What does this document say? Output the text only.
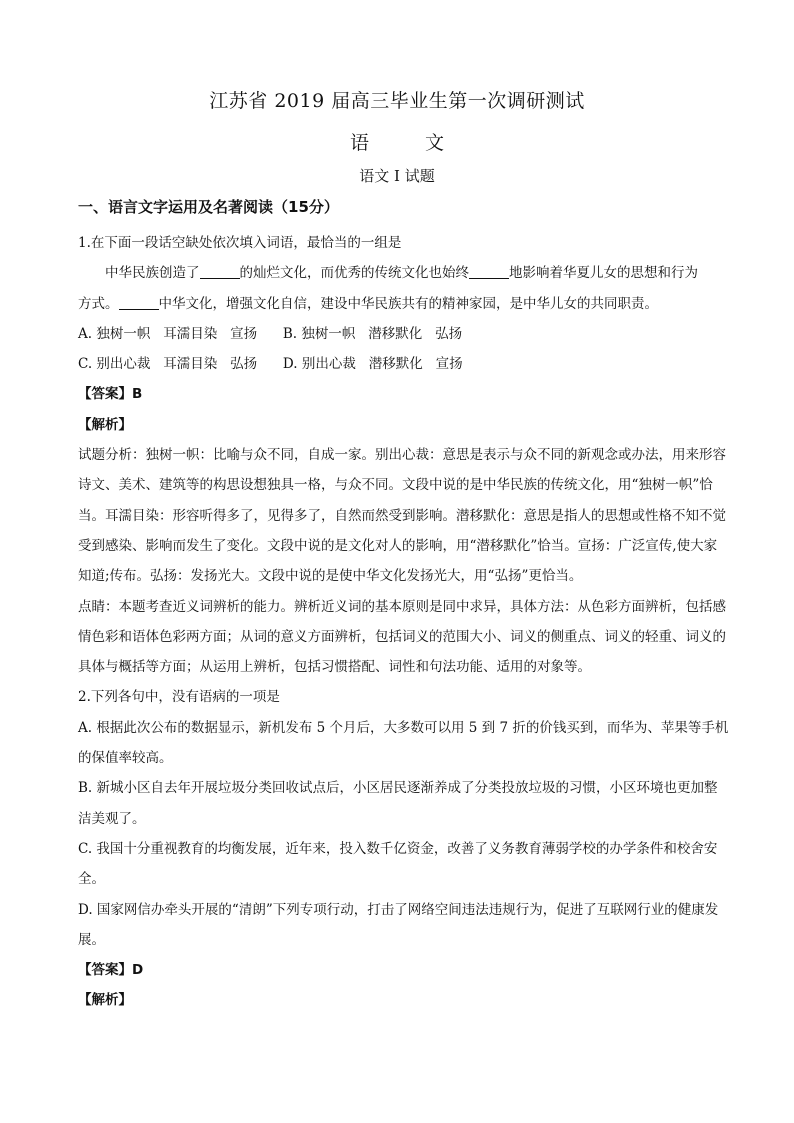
江苏省 2019 届高三毕业生第一次调研测试
语文
语文 I 试题
一、语言文字运用及名著阅读（15分）

1.在下面一段话空缺处依次填入词语，最恰当的一组是

中华民族创造了	的灿烂文化，而优秀的传统文化也始终	地影响着华夏儿女的思想和行为

方式。	中华文化，增强文化自信，建设中华民族共有的精神家园，是中华儿女的共同职责。

A. 独树一帜   耳濡目染   宣扬      B. 独树一帜   潜移默化   弘扬

C. 别出心裁   耳濡目染   弘扬      D. 别出心裁   潜移默化   宣扬

【答案】B

【解析】

试题分析：独树一帜：比喻与众不同，自成一家。别出心裁：意思是表示与众不同的新观念或办法，用来形容诗文、美术、建筑等的构思设想独具一格，与众不同。文段中说的是中华民族的传统文化，用“独树一帜”恰当。耳濡目染：形容听得多了，见得多了，自然而然受到影响。潜移默化：意思是指人的思想或性格不知不觉受到感染、影响而发生了变化。文段中说的是文化对人的影响，用“潜移默化”恰当。宣扬：广泛宣传,使大家知道;传布。弘扬：发扬光大。文段中说的是使中华文化发扬光大，用“弘扬”更恰当。

点睛：本题考查近义词辨析的能力。辨析近义词的基本原则是同中求异，具体方法：从色彩方面辨析，包括感情色彩和语体色彩两方面；从词的意义方面辨析，包括词义的范围大小、词义的侧重点、词义的轻重、词义的具体与概括等方面；从运用上辨析，包括习惯搭配、词性和句法功能、适用的对象等。

2.下列各句中，没有语病的一项是

A. 根据此次公布的数据显示，新机发布 5 个月后，大多数可以用 5 到 7 折的价钱买到，而华为、苹果等手机的保值率较高。

B. 新城小区自去年开展垃圾分类回收试点后，小区居民逐渐养成了分类投放垃圾的习惯，小区环境也更加整洁美观了。

C. 我国十分重视教育的均衡发展，近年来，投入数千亿资金，改善了义务教育薄弱学校的办学条件和校舍安全。

D. 国家网信办牵头开展的“清朗”下列专项行动，打击了网络空间违法违规行为，促进了互联网行业的健康发展。

【答案】D

【解析】
